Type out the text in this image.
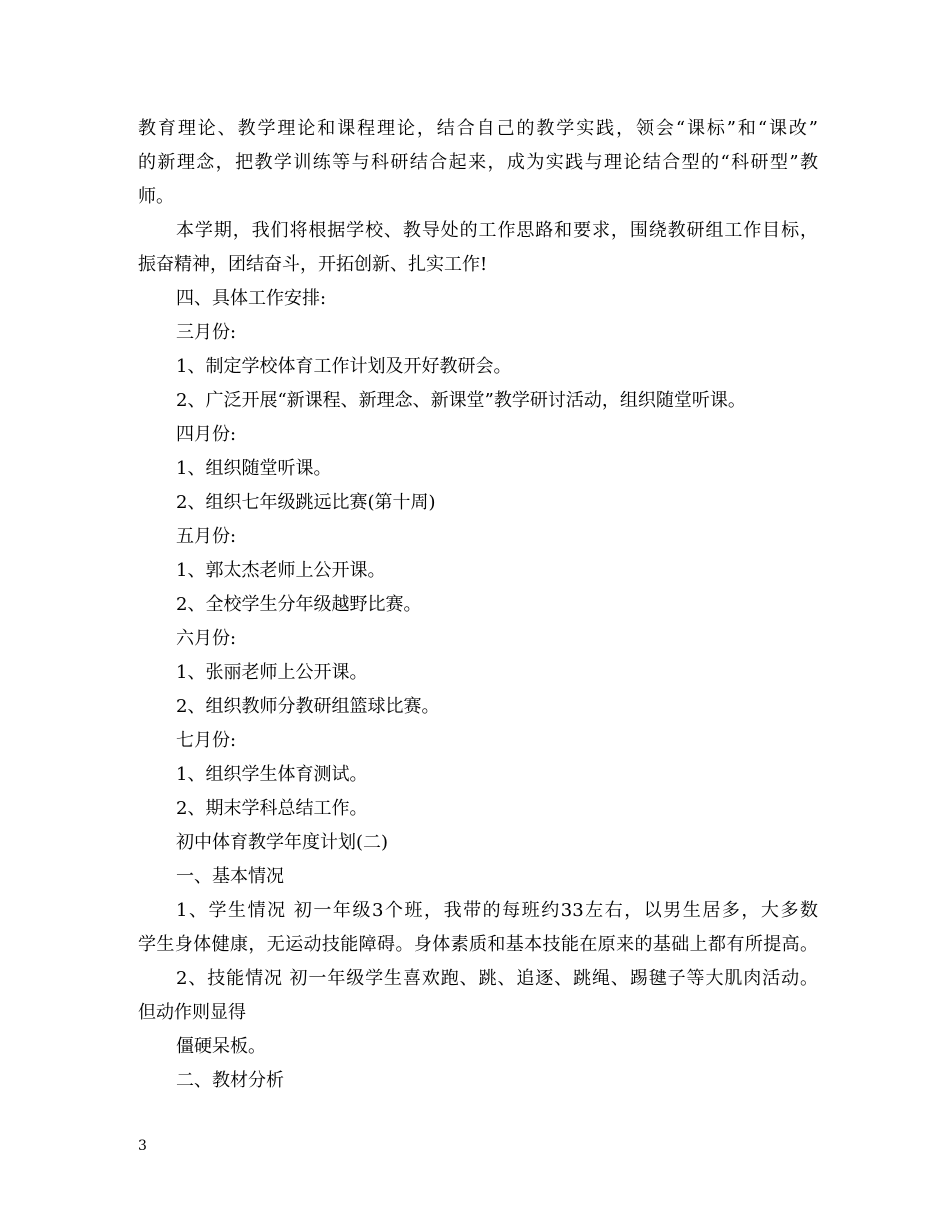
教育理论、教学理论和课程理论，结合自己的教学实践，领会“课标”和“课改”
的新理念，把教学训练等与科研结合起来，成为实践与理论结合型的“科研型”教
师。
本学期，我们将根据学校、教导处的工作思路和要求，围绕教研组工作目标，
振奋精神，团结奋斗，开拓创新、扎实工作!
四、具体工作安排:
三月份:
1、制定学校体育工作计划及开好教研会。
2、广泛开展“新课程、新理念、新课堂”教学研讨活动，组织随堂听课。
四月份:
1、组织随堂听课。
2、组织七年级跳远比赛(第十周)
五月份:
1、郭太杰老师上公开课。
2、全校学生分年级越野比赛。
六月份:
1、张丽老师上公开课。
2、组织教师分教研组篮球比赛。
七月份:
1、组织学生体育测试。
2、期末学科总结工作。
初中体育教学年度计划(二)
一、基本情况
1、学生情况 初一年级3个班，我带的每班约33左右，以男生居多，大多数
学生身体健康，无运动技能障碍。身体素质和基本技能在原来的基础上都有所提高。
2、技能情况 初一年级学生喜欢跑、跳、追逐、跳绳、踢毽子等大肌肉活动。
但动作则显得
僵硬呆板。
二、教材分析
3
